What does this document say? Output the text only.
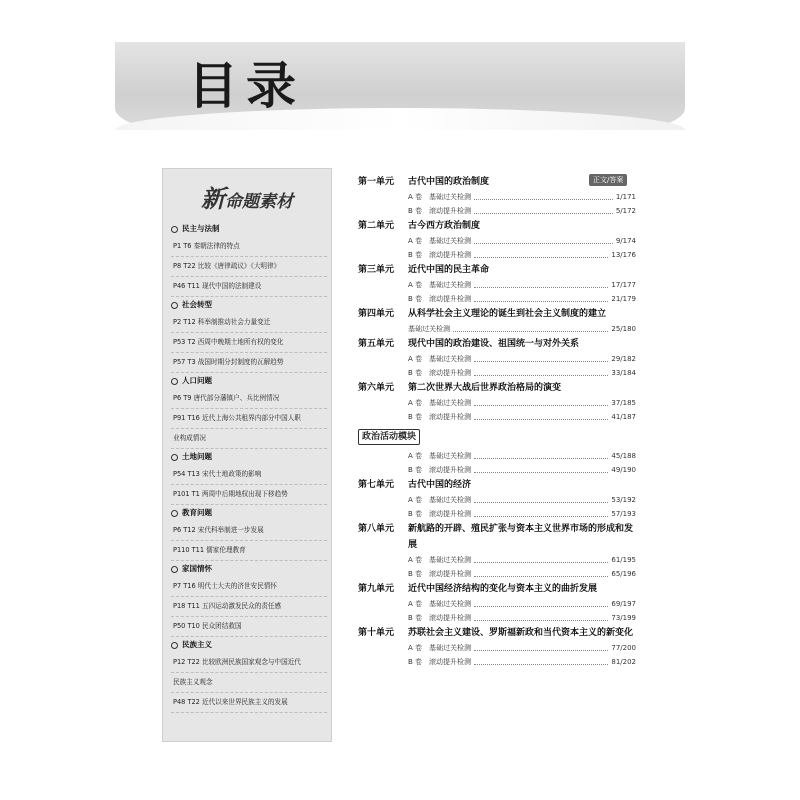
目录
新命题素材
民主与法制
P1 T6 秦朝法律的特点
P8 T22 比较《唐律疏议》《大明律》
P46 T11 现代中国的法制建设
社会转型
P2 T12 科举制推动社会力量变迁
P53 T2 西周中晚期土地所有权的变化
P57 T3 战国时期分封制度的瓦解趋势
人口问题
P6 T9 唐代部分藩镇户、兵比例情况
P91 T16 近代上海公共租界内部分中国人职
业构成情况
土地问题
P54 T13 宋代土地政策的影响
P101 T1 两周中后期地权出现下移趋势
教育问题
P6 T12 宋代科举制进一步发展
P110 T11 儒家伦理教育
家国情怀
P7 T16 明代士大夫的济世安民情怀
P18 T11 五四运动激发民众的责任感
P50 T10 民众团结救国
民族主义
P12 T22 比较欧洲民族国家观念与中国近代
民族主义观念
P48 T22 近代以来世界民族主义的发展
正文/答案
第一单元	古代中国的政治制度
A 卷　基础过关检测	1/171
B 卷　滚动提升检测	5/172
第二单元	古今西方政治制度
A 卷　基础过关检测	9/174
B 卷　滚动提升检测	13/176
第三单元	近代中国的民主革命
A 卷　基础过关检测	17/177
B 卷　滚动提升检测	21/179
第四单元	从科学社会主义理论的诞生到社会主义制度的建立
基础过关检测	25/180
第五单元	现代中国的政治建设、祖国统一与对外关系
A 卷　基础过关检测	29/182
B 卷　滚动提升检测	33/184
第六单元	第二次世界大战后世界政治格局的演变
A 卷　基础过关检测	37/185
B 卷　滚动提升检测	41/187
政治活动模块
A 卷　基础过关检测	45/188
B 卷　滚动提升检测	49/190
第七单元	古代中国的经济
A 卷　基础过关检测	53/192
B 卷　滚动提升检测	57/193
第八单元	新航路的开辟、殖民扩张与资本主义世界市场的形成和发展
A 卷　基础过关检测	61/195
B 卷　滚动提升检测	65/196
第九单元	近代中国经济结构的变化与资本主义的曲折发展
A 卷　基础过关检测	69/197
B 卷　滚动提升检测	73/199
第十单元	苏联社会主义建设、罗斯福新政和当代资本主义的新变化
A 卷　基础过关检测	77/200
B 卷　滚动提升检测	81/202
